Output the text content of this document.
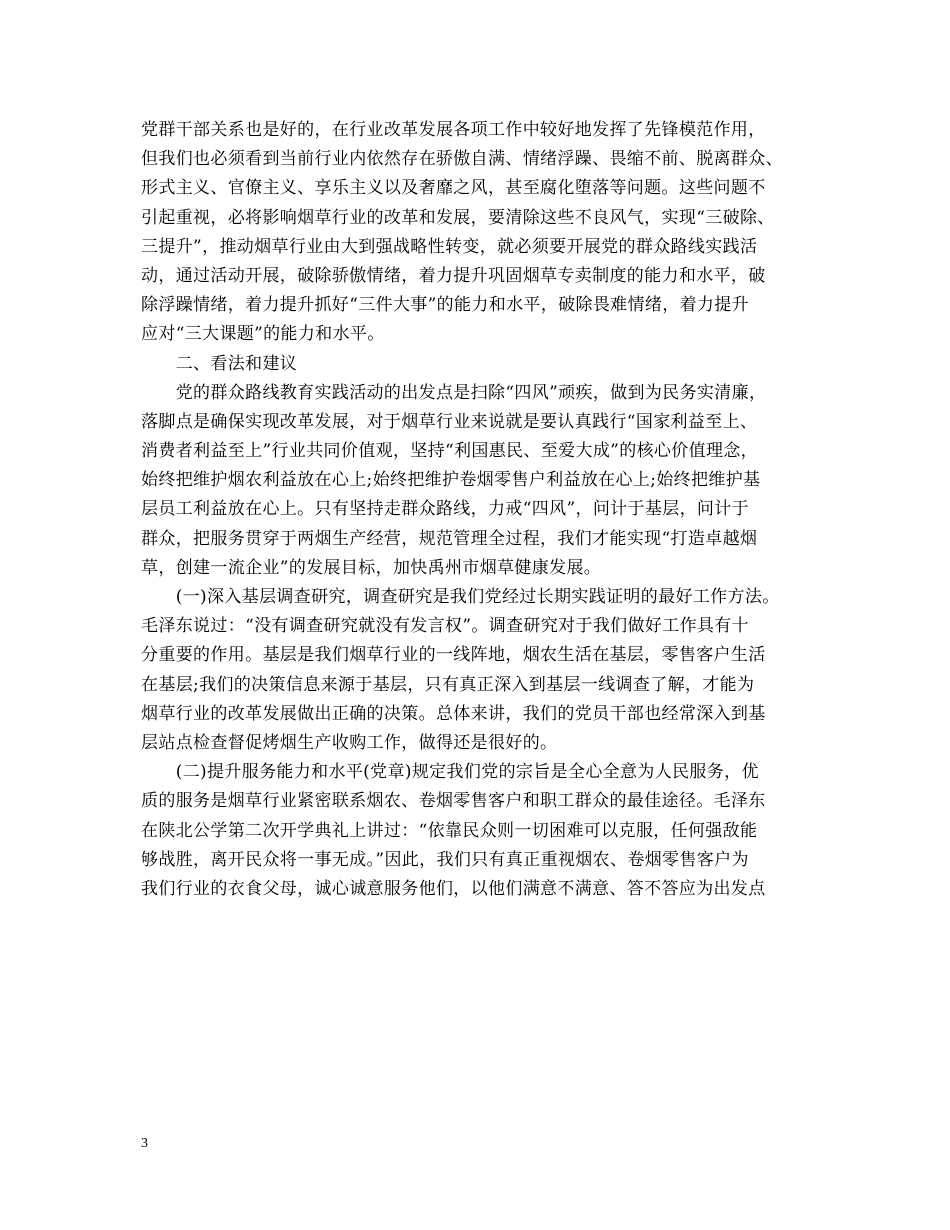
党群干部关系也是好的，在行业改革发展各项工作中较好地发挥了先锋模范作用，
但我们也必须看到当前行业内依然存在骄傲自满、情绪浮躁、畏缩不前、脱离群众、
形式主义、官僚主义、享乐主义以及奢靡之风，甚至腐化堕落等问题。这些问题不
引起重视，必将影响烟草行业的改革和发展，要清除这些不良风气，实现“三破除、
三提升”，推动烟草行业由大到强战略性转变，就必须要开展党的群众路线实践活
动，通过活动开展，破除骄傲情绪，着力提升巩固烟草专卖制度的能力和水平，破
除浮躁情绪，着力提升抓好“三件大事”的能力和水平，破除畏难情绪，着力提升
应对“三大课题”的能力和水平。
　　二、看法和建议
　　党的群众路线教育实践活动的出发点是扫除“四风”顽疾，做到为民务实清廉，
落脚点是确保实现改革发展，对于烟草行业来说就是要认真践行“国家利益至上、
消费者利益至上”行业共同价值观，坚持“利国惠民、至爱大成”的核心价值理念，
始终把维护烟农利益放在心上;始终把维护卷烟零售户利益放在心上;始终把维护基
层员工利益放在心上。只有坚持走群众路线，力戒“四风”，问计于基层，问计于
群众，把服务贯穿于两烟生产经营，规范管理全过程，我们才能实现“打造卓越烟
草，创建一流企业”的发展目标，加快禹州市烟草健康发展。
　　(一)深入基层调查研究，调查研究是我们党经过长期实践证明的最好工作方法。
毛泽东说过：“没有调查研究就没有发言权”。调查研究对于我们做好工作具有十
分重要的作用。基层是我们烟草行业的一线阵地，烟农生活在基层，零售客户生活
在基层;我们的决策信息来源于基层，只有真正深入到基层一线调查了解，才能为
烟草行业的改革发展做出正确的决策。总体来讲，我们的党员干部也经常深入到基
层站点检查督促烤烟生产收购工作，做得还是很好的。
　　(二)提升服务能力和水平(党章)规定我们党的宗旨是全心全意为人民服务，优
质的服务是烟草行业紧密联系烟农、卷烟零售客户和职工群众的最佳途径。毛泽东
在陕北公学第二次开学典礼上讲过：“依靠民众则一切困难可以克服，任何强敌能
够战胜，离开民众将一事无成。”因此，我们只有真正重视烟农、卷烟零售客户为
我们行业的衣食父母，诚心诚意服务他们，以他们满意不满意、答不答应为出发点
3
